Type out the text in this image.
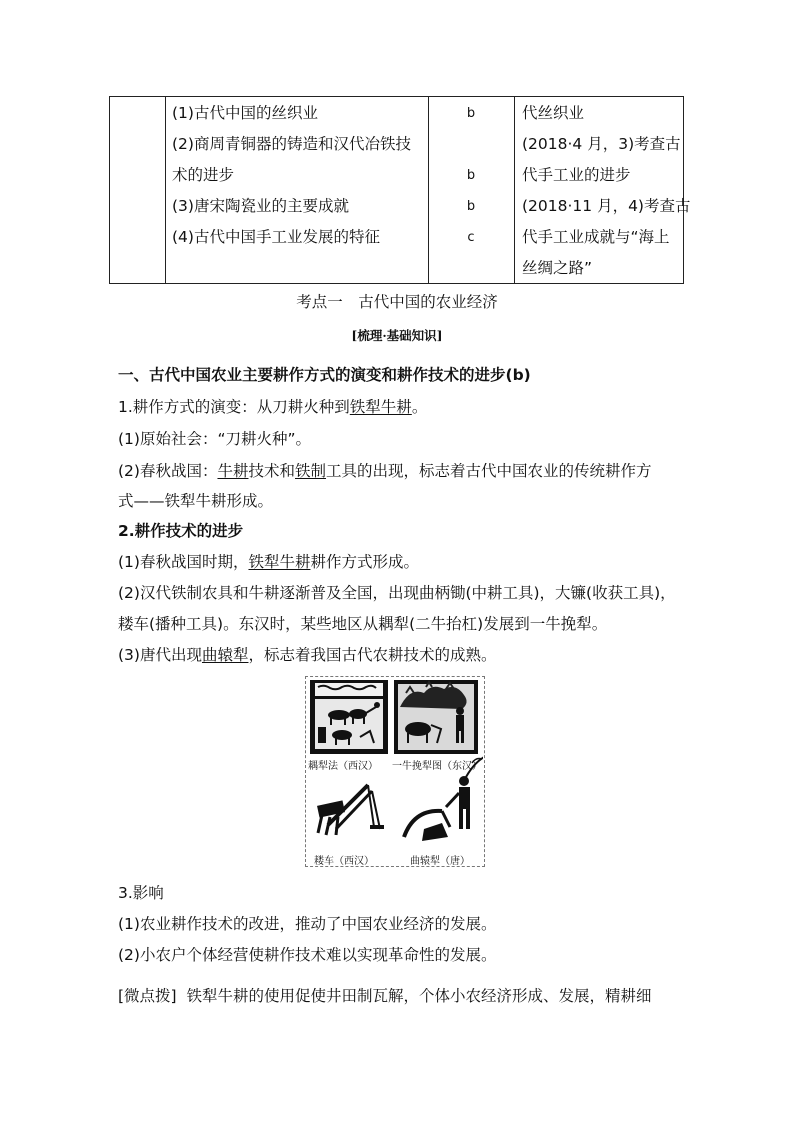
(1)古代中国的丝织业
(2)商周青铜器的铸造和汉代冶铁技
术的进步
(3)唐宋陶瓷业的主要成就
(4)古代中国手工业发展的特征
b
b
b
c
代丝织业
(2018·4 月，3)考查古
代手工业的进步
(2018·11 月，4)考查古
代手工业成就与“海上
丝绸之路”
考点一　古代中国的农业经济
[梳理·基础知识]
一、古代中国农业主要耕作方式的演变和耕作技术的进步(b)
1.耕作方式的演变：从刀耕火种到铁犁牛耕。
(1)原始社会：“刀耕火种”。
(2)春秋战国：牛耕技术和铁制工具的出现，标志着古代中国农业的传统耕作方
式——铁犁牛耕形成。
2.耕作技术的进步
(1)春秋战国时期，铁犁牛耕耕作方式形成。
(2)汉代铁制农具和牛耕逐渐普及全国，出现曲柄锄(中耕工具)，大镰(收获工具)，
耧车(播种工具)。东汉时，某些地区从耦犁(二牛抬杠)发展到一牛挽犁。
(3)唐代出现曲辕犁，标志着我国古代农耕技术的成熟。
耦犁法（西汉） 一牛挽犁图（东汉）
耧车（西汉）	曲辕犁（唐）
3.影响
(1)农业耕作技术的改进，推动了中国农业经济的发展。
(2)小农户个体经营使耕作技术难以实现革命性的发展。
[微点拨] 铁犁牛耕的使用促使井田制瓦解，个体小农经济形成、发展，精耕细
